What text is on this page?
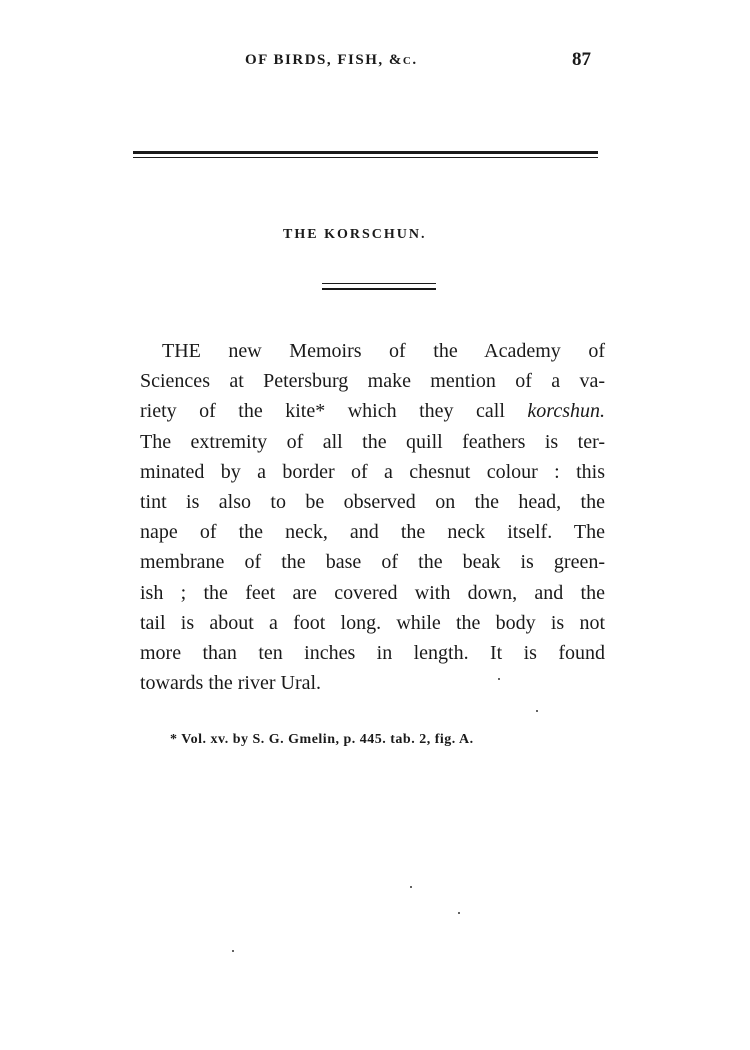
OF BIRDS, FISH, &c.	87
THE KORSCHUN.
THE new Memoirs of the Academy of
Sciences at Petersburg make mention of a va-
riety of the kite* which they call korcshun.
The extremity of all the quill feathers is ter-
minated by a border of a chesnut colour : this
tint is also to be observed on the head, the
nape of the neck, and the neck itself. The
membrane of the base of the beak is green-
ish ; the feet are covered with down, and the
tail is about a foot long. while the body is not
more than ten inches in length. It is found
towards the river Ural.
* Vol. xv. by S. G. Gmelin, p. 445. tab. 2, fig. A.
